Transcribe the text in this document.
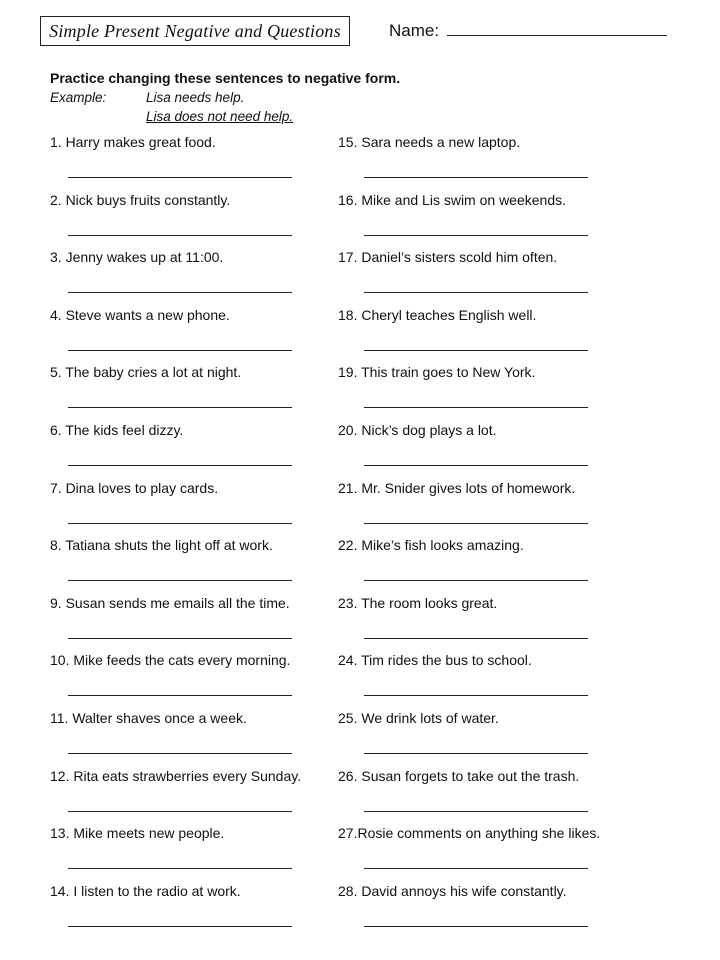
Simple Present Negative and Questions	Name:
Practice changing these sentences to negative form.
Example:	Lisa needs help.
Lisa does not need help.
1. Harry makes great food.
2. Nick buys fruits constantly.
3. Jenny wakes up at 11:00.
4. Steve wants a new phone.
5. The baby cries a lot at night.
6. The kids feel dizzy.
7. Dina loves to play cards.
8. Tatiana shuts the light off at work.
9. Susan sends me emails all the time.
10. Mike feeds the cats every morning.
11. Walter shaves once a week.
12. Rita eats strawberries every Sunday.
13. Mike meets new people.
14. I listen to the radio at work.
15. Sara needs a new laptop.
16. Mike and Lis swim on weekends.
17. Daniel’s sisters scold him often.
18. Cheryl teaches English well.
19. This train goes to New York.
20. Nick’s dog plays a lot.
21. Mr. Snider gives lots of homework.
22. Mike’s fish looks amazing.
23. The room looks great.
24. Tim rides the bus to school.
25. We drink lots of water.
26. Susan forgets to take out the trash.
27.Rosie comments on anything she likes.
28. David annoys his wife constantly.
